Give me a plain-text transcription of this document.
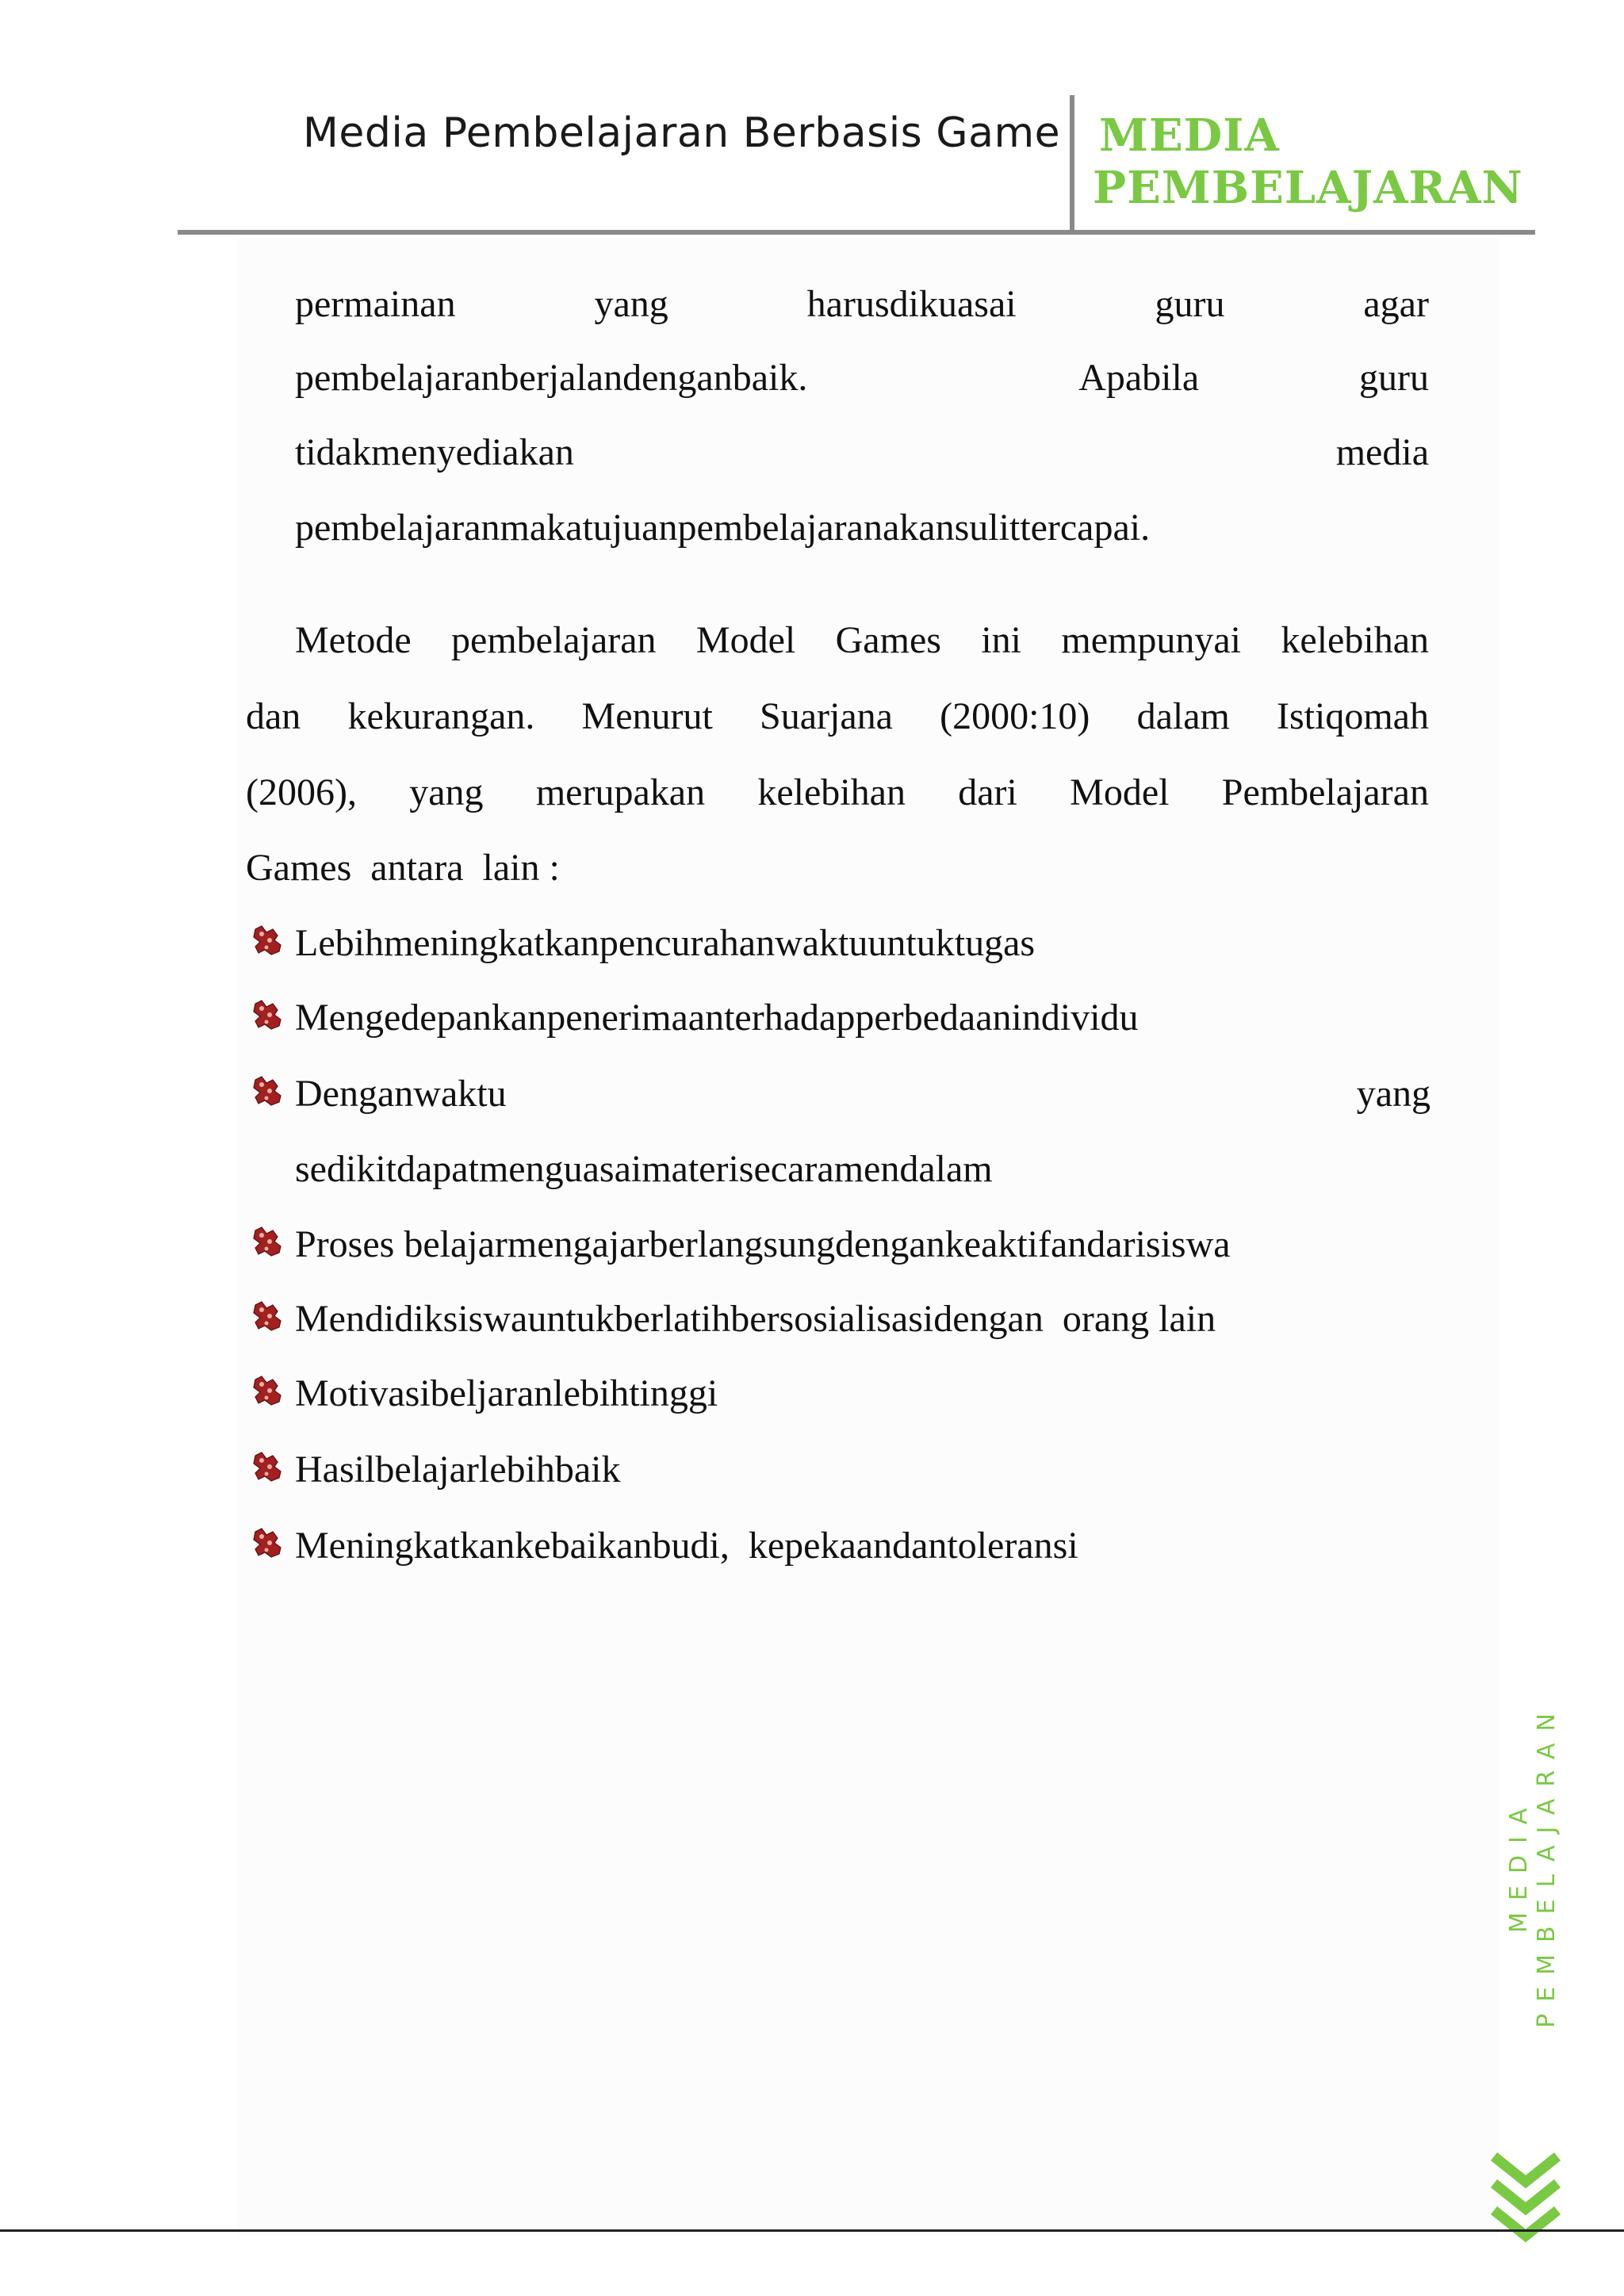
Media Pembelajaran Berbasis Game MEDIA
PEMBELAJARAN
permainan	yang	harusdikuasai	guru	agar
pembelajaranberjalandenganbaik.	Apabila	guru
tidakmenyediakan	media
pembelajaranmakatujuanpembelajaranakansulittercapai.
Metode pembelajaran Model Games ini mempunyai kelebihan
dan kekurangan. Menurut Suarjana (2000:10) dalam Istiqomah
(2006), yang merupakan kelebihan dari Model Pembelajaran
Games  antara  lain :
Lebihmeningkatkanpencurahanwaktuuntuktugas
Mengedepankanpenerimaanterhadapperbedaanindividu
Denganwaktu	yang
sedikitdapatmenguasaimaterisecaramendalam
Proses belajarmengajarberlangsungdengankeaktifandarisiswa
Mendidiksiswauntukberlatihbersosialisasidengan  orang lain
Motivasibeljaranlebihtinggi
Hasilbelajarlebihbaik
Meningkatkankebaikanbudi,  kepekaandantoleransi
MEDIA PEMBELAJARAN
